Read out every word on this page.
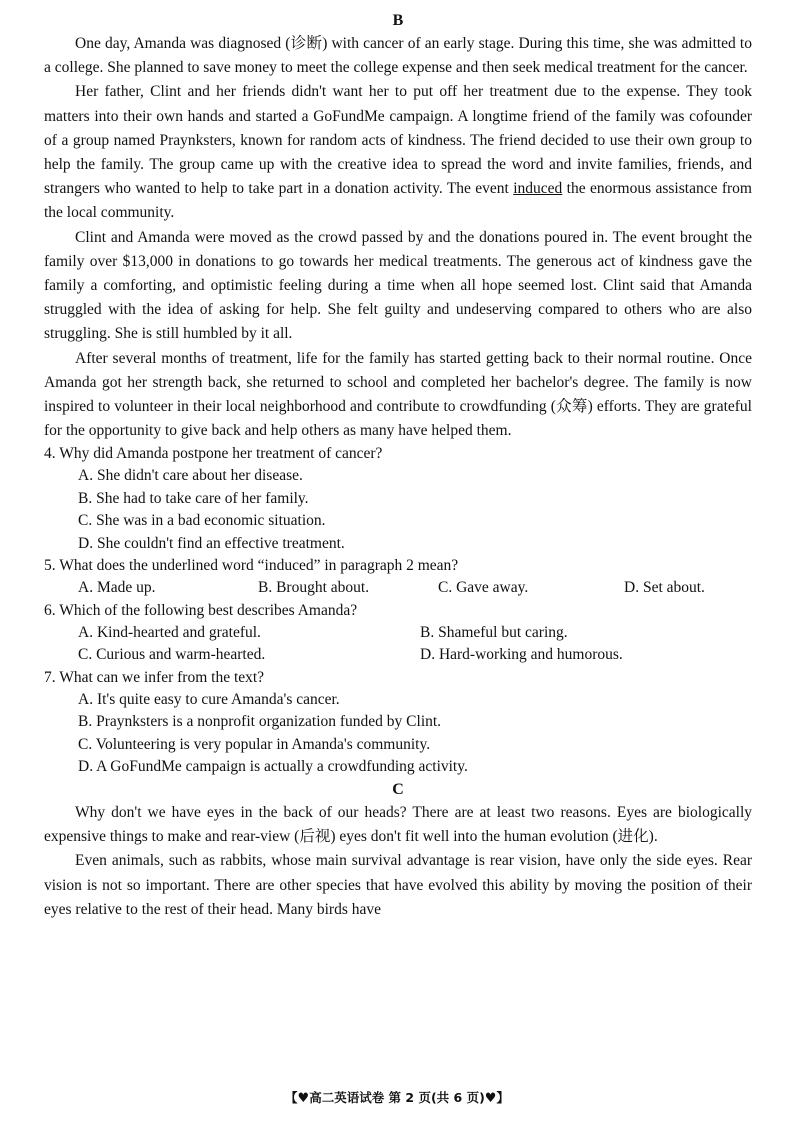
B

One day, Amanda was diagnosed (诊断) with cancer of an early stage. During this time, she was admitted to a college. She planned to save money to meet the college expense and then seek medical treatment for the cancer.

Her father, Clint and her friends didn't want her to put off her treatment due to the expense. They took matters into their own hands and started a GoFundMe campaign. A longtime friend of the family was cofounder of a group named Praynksters, known for random acts of kindness. The friend decided to use their own group to help the family. The group came up with the creative idea to spread the word and invite families, friends, and strangers who wanted to help to take part in a donation activity. The event induced the enormous assistance from the local community.

Clint and Amanda were moved as the crowd passed by and the donations poured in. The event brought the family over $13,000 in donations to go towards her medical treatments. The generous act of kindness gave the family a comforting, and optimistic feeling during a time when all hope seemed lost. Clint said that Amanda struggled with the idea of asking for help. She felt guilty and undeserving compared to others who are also struggling. She is still humbled by it all.

After several months of treatment, life for the family has started getting back to their normal routine. Once Amanda got her strength back, she returned to school and completed her bachelor's degree. The family is now inspired to volunteer in their local neighborhood and contribute to crowdfunding (众筹) efforts. They are grateful for the opportunity to give back and help others as many have helped them.

4. Why did Amanda postpone her treatment of cancer?

A. She didn't care about her disease.

B. She had to take care of her family.

C. She was in a bad economic situation.

D. She couldn't find an effective treatment.

5. What does the underlined word “induced” in paragraph 2 mean?

A. Made up.	B. Brought about.	C. Gave away.	D. Set about.

6. Which of the following best describes Amanda?

A. Kind-hearted and grateful.	B. Shameful but caring.

C. Curious and warm-hearted.	D. Hard-working and humorous.

7. What can we infer from the text?

A. It's quite easy to cure Amanda's cancer.

B. Praynksters is a nonprofit organization funded by Clint.

C. Volunteering is very popular in Amanda's community.

D. A GoFundMe campaign is actually a crowdfunding activity.

C

Why don't we have eyes in the back of our heads? There are at least two reasons. Eyes are biologically expensive things to make and rear-view (后视) eyes don't fit well into the human evolution (进化).

Even animals, such as rabbits, whose main survival advantage is rear vision, have only the side eyes. Rear vision is not so important. There are other species that have evolved this ability by moving the position of their eyes relative to the rest of their head. Many birds have

【♥高二英语试卷 第 2 页(共 6 页)♥】
